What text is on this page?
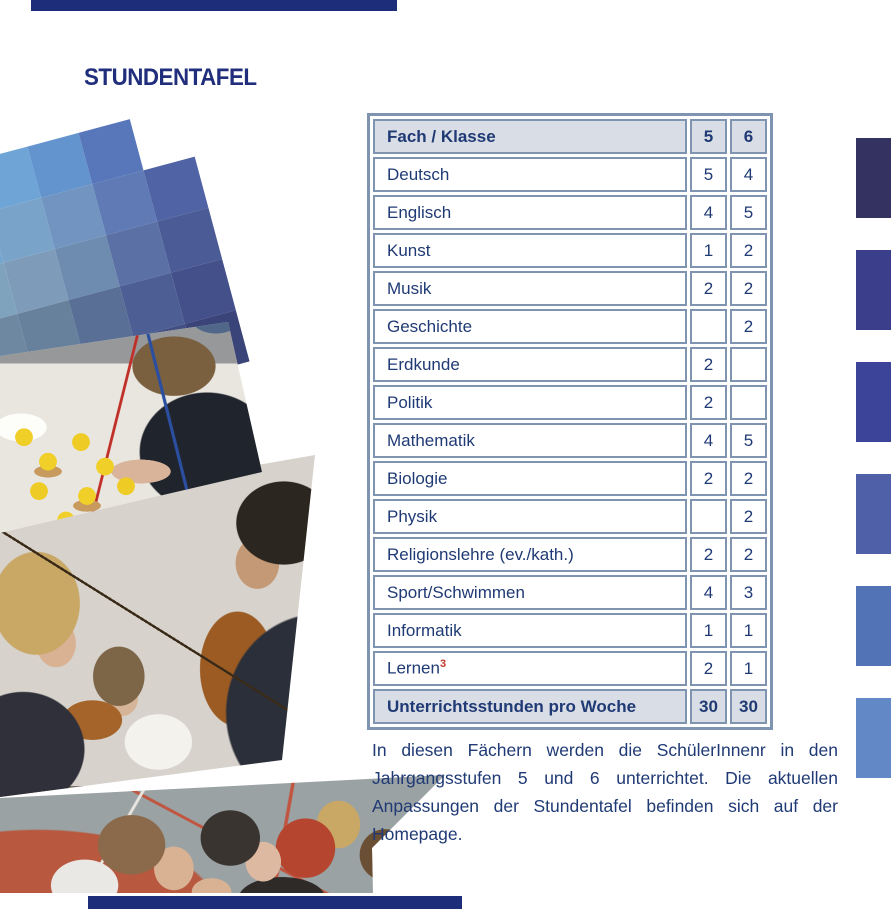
STUNDENTAFEL
Fach / Klasse	5	6
Deutsch	5	4
Englisch	4	5
Kunst	1	2
Musik	2	2
Geschichte		2
Erdkunde	2	
Politik	2	
Mathematik	4	5
Biologie	2	2
Physik		2
Religionslehre (ev./kath.)	2	2
Sport/Schwimmen	4	3
Informatik	1	1
Lernen$^3$	2	1
Unterrichtsstunden pro Woche	30	30
In diesen Fächern werden die SchülerInnenr in den
Jahrgangsstufen 5 und 6 unterrichtet. Die aktuellen
Anpassungen der Stundentafel befinden sich auf der
Homepage.
